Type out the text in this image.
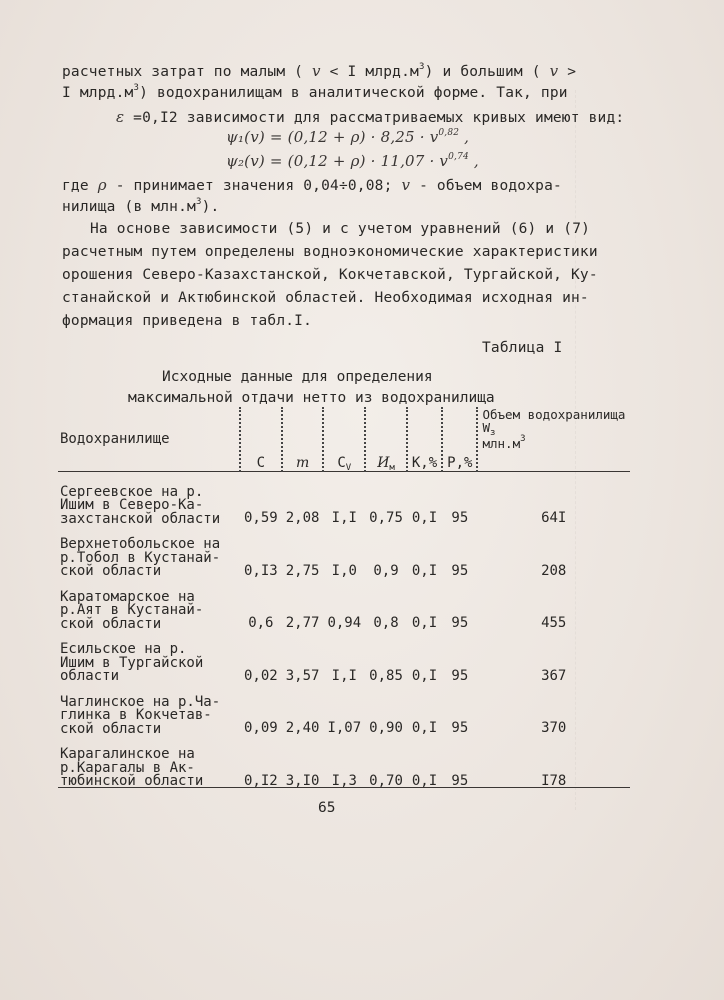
расчетных затрат по малым ( v < I $млрд.м^3$) и большим ( v >
I $млрд.м^3$) водохранилищам в аналитической форме. Так, при
ε =0,I2 зависимости для рассматриваемых кривых имеют вид:
$\psi_1(v) = (0,12 + \rho) \cdot 8,25 \cdot v^{0,82}$ ,
$\psi_2(v) = (0,12 + \rho) \cdot 11,07 \cdot v^{0,74}$ ,
где ρ - принимает значения 0,04÷0,08; v - объем водохра-
нилища (в $млн.м^3$).
На основе зависимости (5) и с учетом уравнений (6) и (7)
расчетным путем определены водноэкономические характеристики
орошения Северо-Казахстанской, Кокчетавской, Тургайской, Ку-
станайской и Актюбинской областей. Необходимая исходная ин-
формация приведена в табл.I.
Таблица I
Исходные данные для определения
максимальной отдачи нетто из водохранилища
Водохранилище	C	m	$C_V$	$И_м$	К,%	Р,%	Объем водохранилища $W_з$
$млн.м^3$
Сергеевское на р.
Ишим в Северо-Ка-
захстанской области	0,59	2,08	I,I	0,75	0,I	95	64I
Верхнетобольское на
р.Тобол в Кустанай-
ской области	0,I3	2,75	I,0	0,9	0,I	95	208
Каратомарское на
р.Аят в Кустанай-
ской области	0,6	2,77	0,94	0,8	0,I	95	455
Есильское на р.
Ишим в Тургайской
области	0,02	3,57	I,I	0,85	0,I	95	367
Чаглинское на р.Ча-
глинка в Кокчетав-
ской области	0,09	2,40	I,07	0,90	0,I	95	370
Карагалинское на
р.Карагалы в Ак-
тюбинской области	0,I2	3,I0	I,3	0,70	0,I	95	I78
65
